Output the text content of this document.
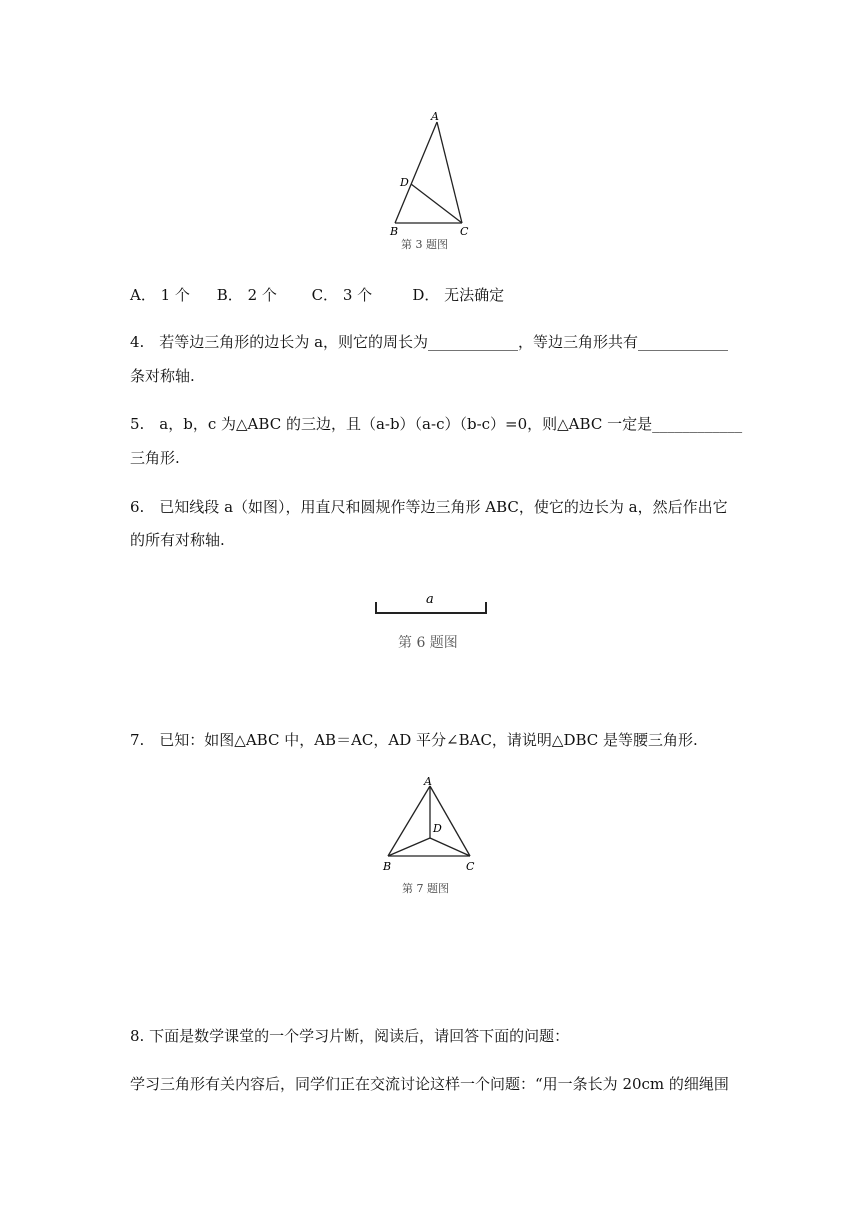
A
D
B	C
第 3 题图
A． 1 个 B． 2 个 C． 3 个	D． 无法确定
4.　若等边三角形的边长为 a，则它的周长为____________，等边三角形共有____________
条对称轴.
5.　a，b，c 为△ABC 的三边，且（a-b）（a-c）（b-c）=0，则△ABC 一定是____________
三角形.
6.　已知线段 a（如图），用直尺和圆规作等边三角形 ABC，使它的边长为 a，然后作出它
的所有对称轴.
a
第 6 题图
7.　已知：如图△ABC 中，AB＝AC，AD 平分∠BAC，请说明△DBC 是等腰三角形.
A
D
B	C
第 7 题图
8. 下面是数学课堂的一个学习片断，阅读后，请回答下面的问题：
学习三角形有关内容后，同学们正在交流讨论这样一个问题：“用一条长为 20cm 的细绳围
